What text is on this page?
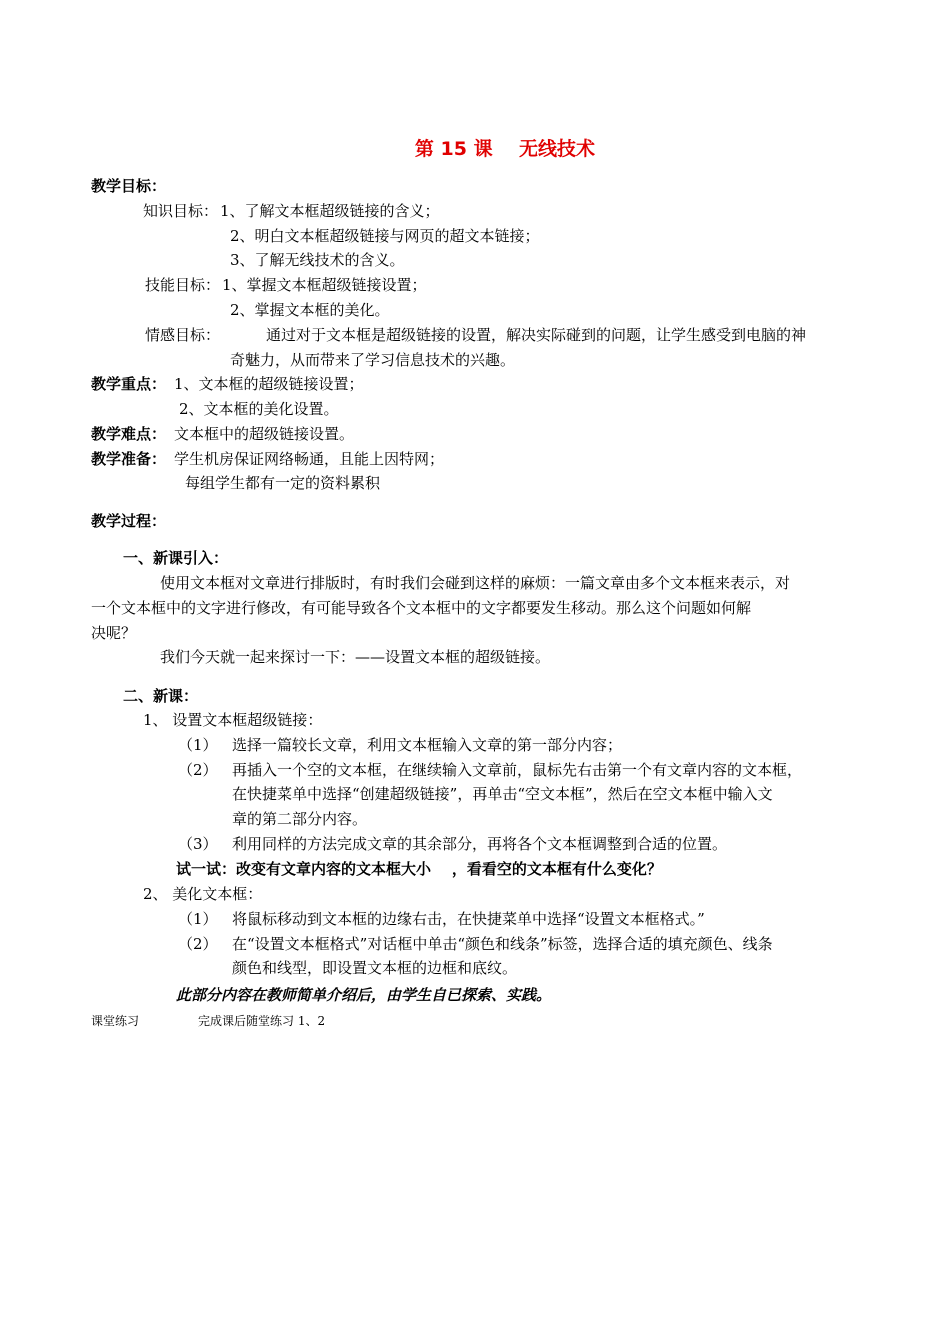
第 15 课    无线技术
教学目标：
知识目标： 1、了解文本框超级链接的含义；
2、明白文本框超级链接与网页的超文本链接；
3、了解无线技术的含义。
技能目标： 1、掌握文本框超级链接设置；
2、掌握文本框的美化。
情感目标：	通过对于文本框是超级链接的设置，解决实际碰到的问题，让学生感受到电脑的神
奇魅力，从而带来了学习信息技术的兴趣。
教学重点： 1、文本框的超级链接设置；
2、文本框的美化设置。
教学难点： 文本框中的超级链接设置。
教学准备： 学生机房保证网络畅通，且能上因特网；
每组学生都有一定的资料累积
教学过程：
一、新课引入：
使用文本框对文章进行排版时，有时我们会碰到这样的麻烦：一篇文章由多个文本框来表示，对
一个文本框中的文字进行修改，有可能导致各个文本框中的文字都要发生移动。那么这个问题如何解
决呢？
我们今天就一起来探讨一下：——设置文本框的超级链接。
二、新课：
1、 设置文本框超级链接：
（1） 选择一篇较长文章，利用文本框输入文章的第一部分内容；
（2） 再插入一个空的文本框，在继续输入文章前，鼠标先右击第一个有文章内容的文本框，
在快捷菜单中选择“创建超级链接”，再单击“空文本框”，然后在空文本框中输入文
章的第二部分内容。
（3） 利用同样的方法完成文章的其余部分，再将各个文本框调整到合适的位置。
试一试：改变有文章内容的文本框大小    ，看看空的文本框有什么变化？
2、 美化文本框：
（1） 将鼠标移动到文本框的边缘右击，在快捷菜单中选择“设置文本框格式。”
（2） 在“设置文本框格式”对话框中单击“颜色和线条”标签，选择合适的填充颜色、线条
颜色和线型，即设置文本框的边框和底纹。
此部分内容在教师简单介绍后，由学生自已探索、实践。
课堂练习	完成课后随堂练习 1、2
